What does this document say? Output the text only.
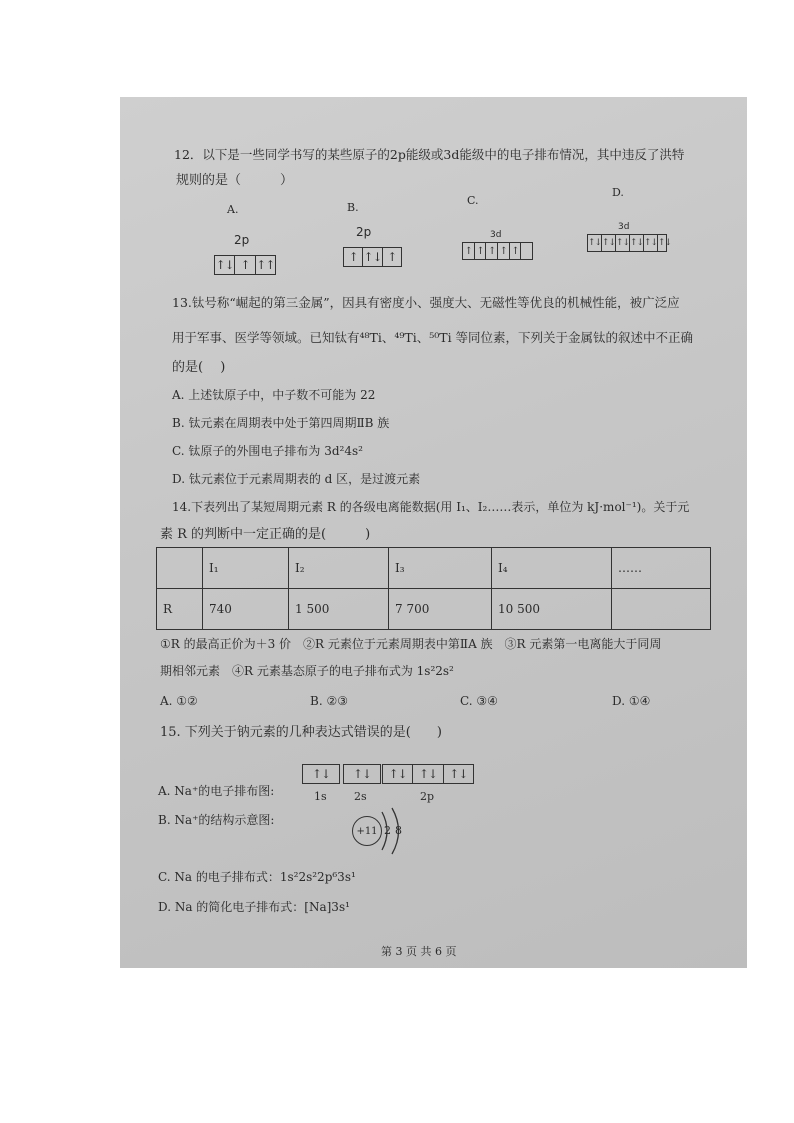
12．以下是一些同学书写的某些原子的2p能级或3d能级中的电子排布情况，其中违反了洪特
规则的是（　　　）
A.	B.
C.
D.
2p
↑↓ ↑ ↑↑
2p
↑ ↑↓ ↑
3d
↑ ↑ ↑ ↑ ↑
3d
↑↓ ↑↓ ↑↓ ↑↓ ↑↓ ↑↓
13.钛号称“崛起的第三金属”，因具有密度小、强度大、无磁性等优良的机械性能，被广泛应
用于军事、医学等领域。已知钛有⁴⁸Ti、⁴⁹Ti、⁵⁰Ti 等同位素，下列关于金属钛的叙述中不正确
的是(　 )
A. 上述钛原子中，中子数不可能为 22
B. 钛元素在周期表中处于第四周期ⅡB 族
C. 钛原子的外围电子排布为 3d²4s²
D. 钛元素位于元素周期表的 d 区，是过渡元素
14.下表列出了某短周期元素 R 的各级电离能数据(用 I₁、I₂……表示，单位为 kJ·mol⁻¹)。关于元
素 R 的判断中一定正确的是(　　　)
	I₁	I₂	I₃	I₄	……
R	740	1 500	7 700	10 500	
①R 的最高正价为＋3 价　②R 元素位于元素周期表中第ⅡA 族　③R 元素第一电离能大于同周
期相邻元素　④R 元素基态原子的电子排布式为 1s²2s²
A. ①②	B. ②③	C. ③④	D. ①④
15. 下列关于钠元素的几种表达式错误的是(　　)
A. Na⁺的电子排布图:
↑↓	↑↓	↑↓	↑↓	↑↓
1s 2s	2p
B. Na⁺的结构示意图:
+11 2 8
C. Na 的电子排布式：1s²2s²2p⁶3s¹
D. Na 的简化电子排布式：[Na]3s¹
第 3 页 共 6 页
